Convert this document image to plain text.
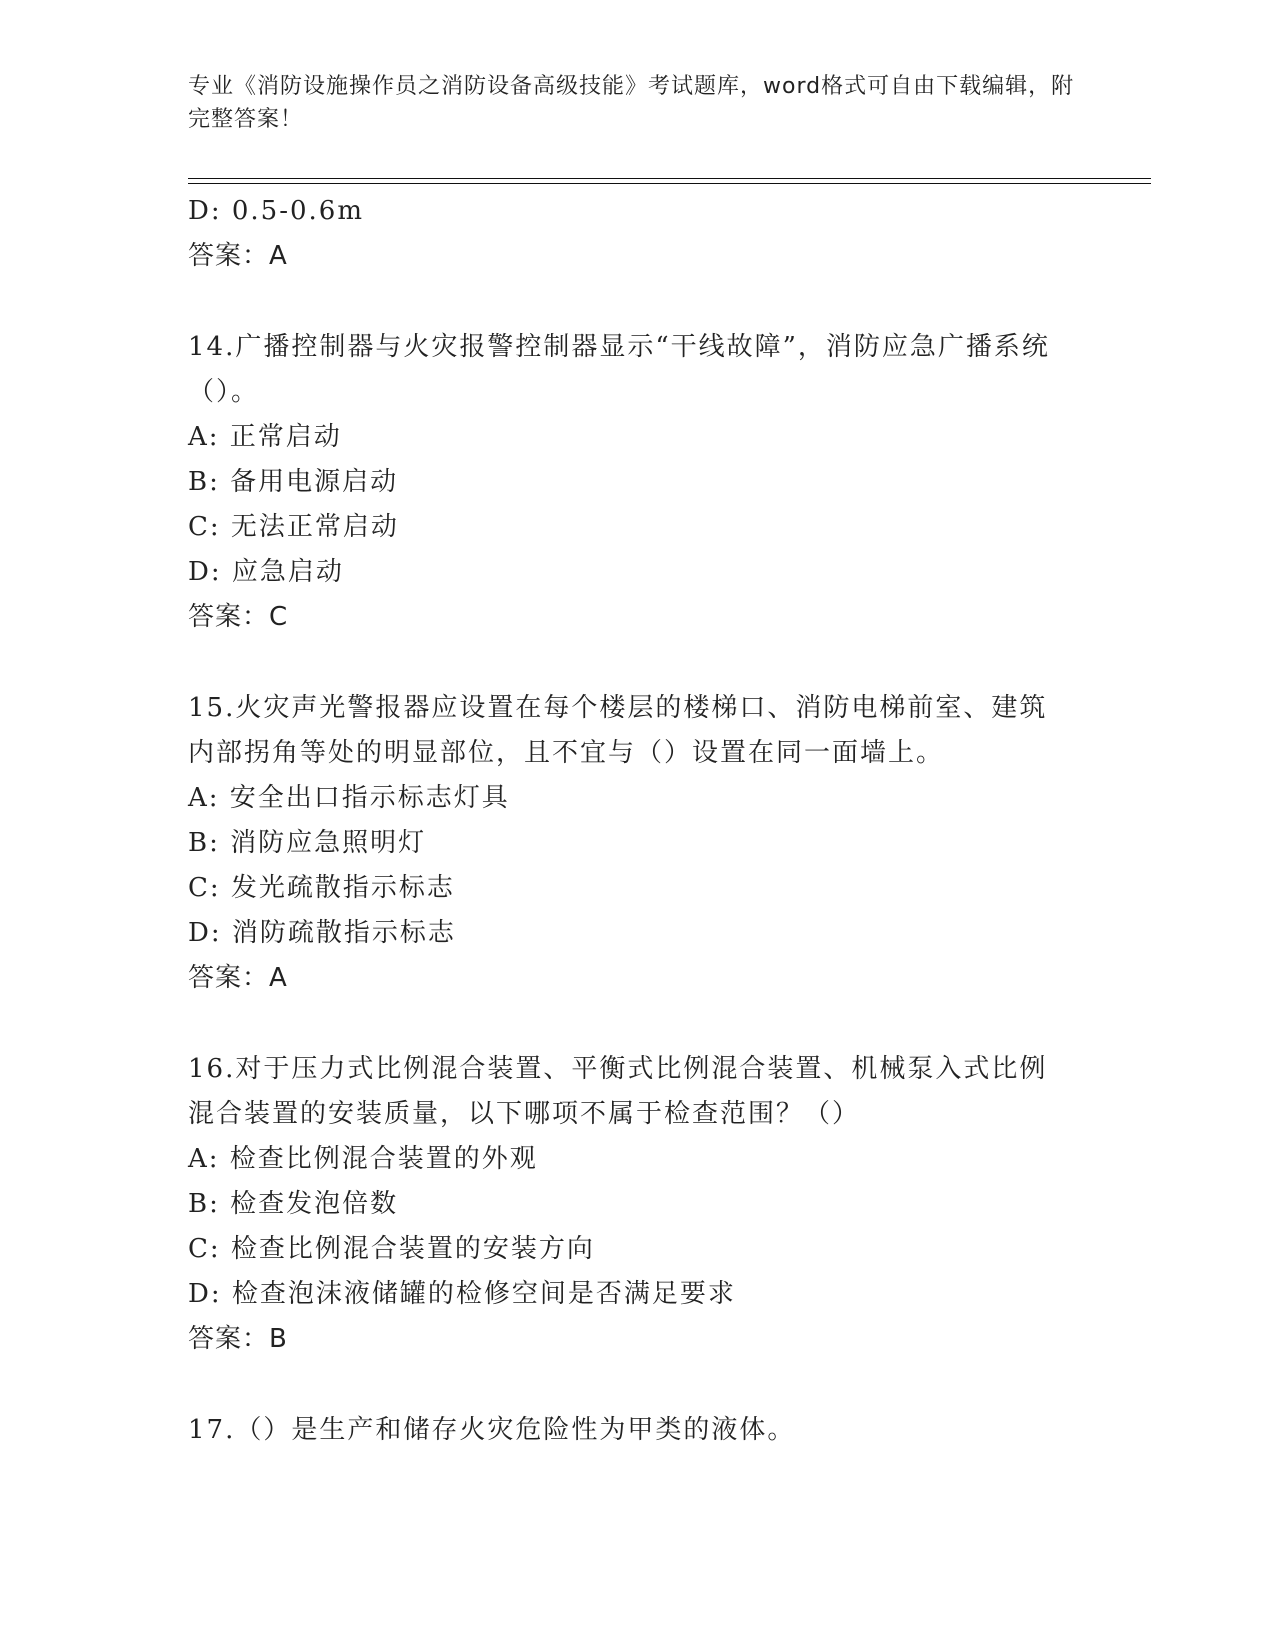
专业《消防设施操作员之消防设备高级技能》考试题库，word格式可自由下载编辑，附完整答案！
D: 0.5-0.6m
答案：A
14.广播控制器与火灾报警控制器显示“干线故障”，消防应急广播系统（）。
A: 正常启动
B: 备用电源启动
C: 无法正常启动
D: 应急启动
答案：C
15.火灾声光警报器应设置在每个楼层的楼梯口、消防电梯前室、建筑内部拐角等处的明显部位，且不宜与（）设置在同一面墙上。
A: 安全出口指示标志灯具
B: 消防应急照明灯
C: 发光疏散指示标志
D: 消防疏散指示标志
答案：A
16.对于压力式比例混合装置、平衡式比例混合装置、机械泵入式比例混合装置的安装质量，以下哪项不属于检查范围？（）
A: 检查比例混合装置的外观
B: 检查发泡倍数
C: 检查比例混合装置的安装方向
D: 检查泡沫液储罐的检修空间是否满足要求
答案：B
17.（）是生产和储存火灾危险性为甲类的液体。
